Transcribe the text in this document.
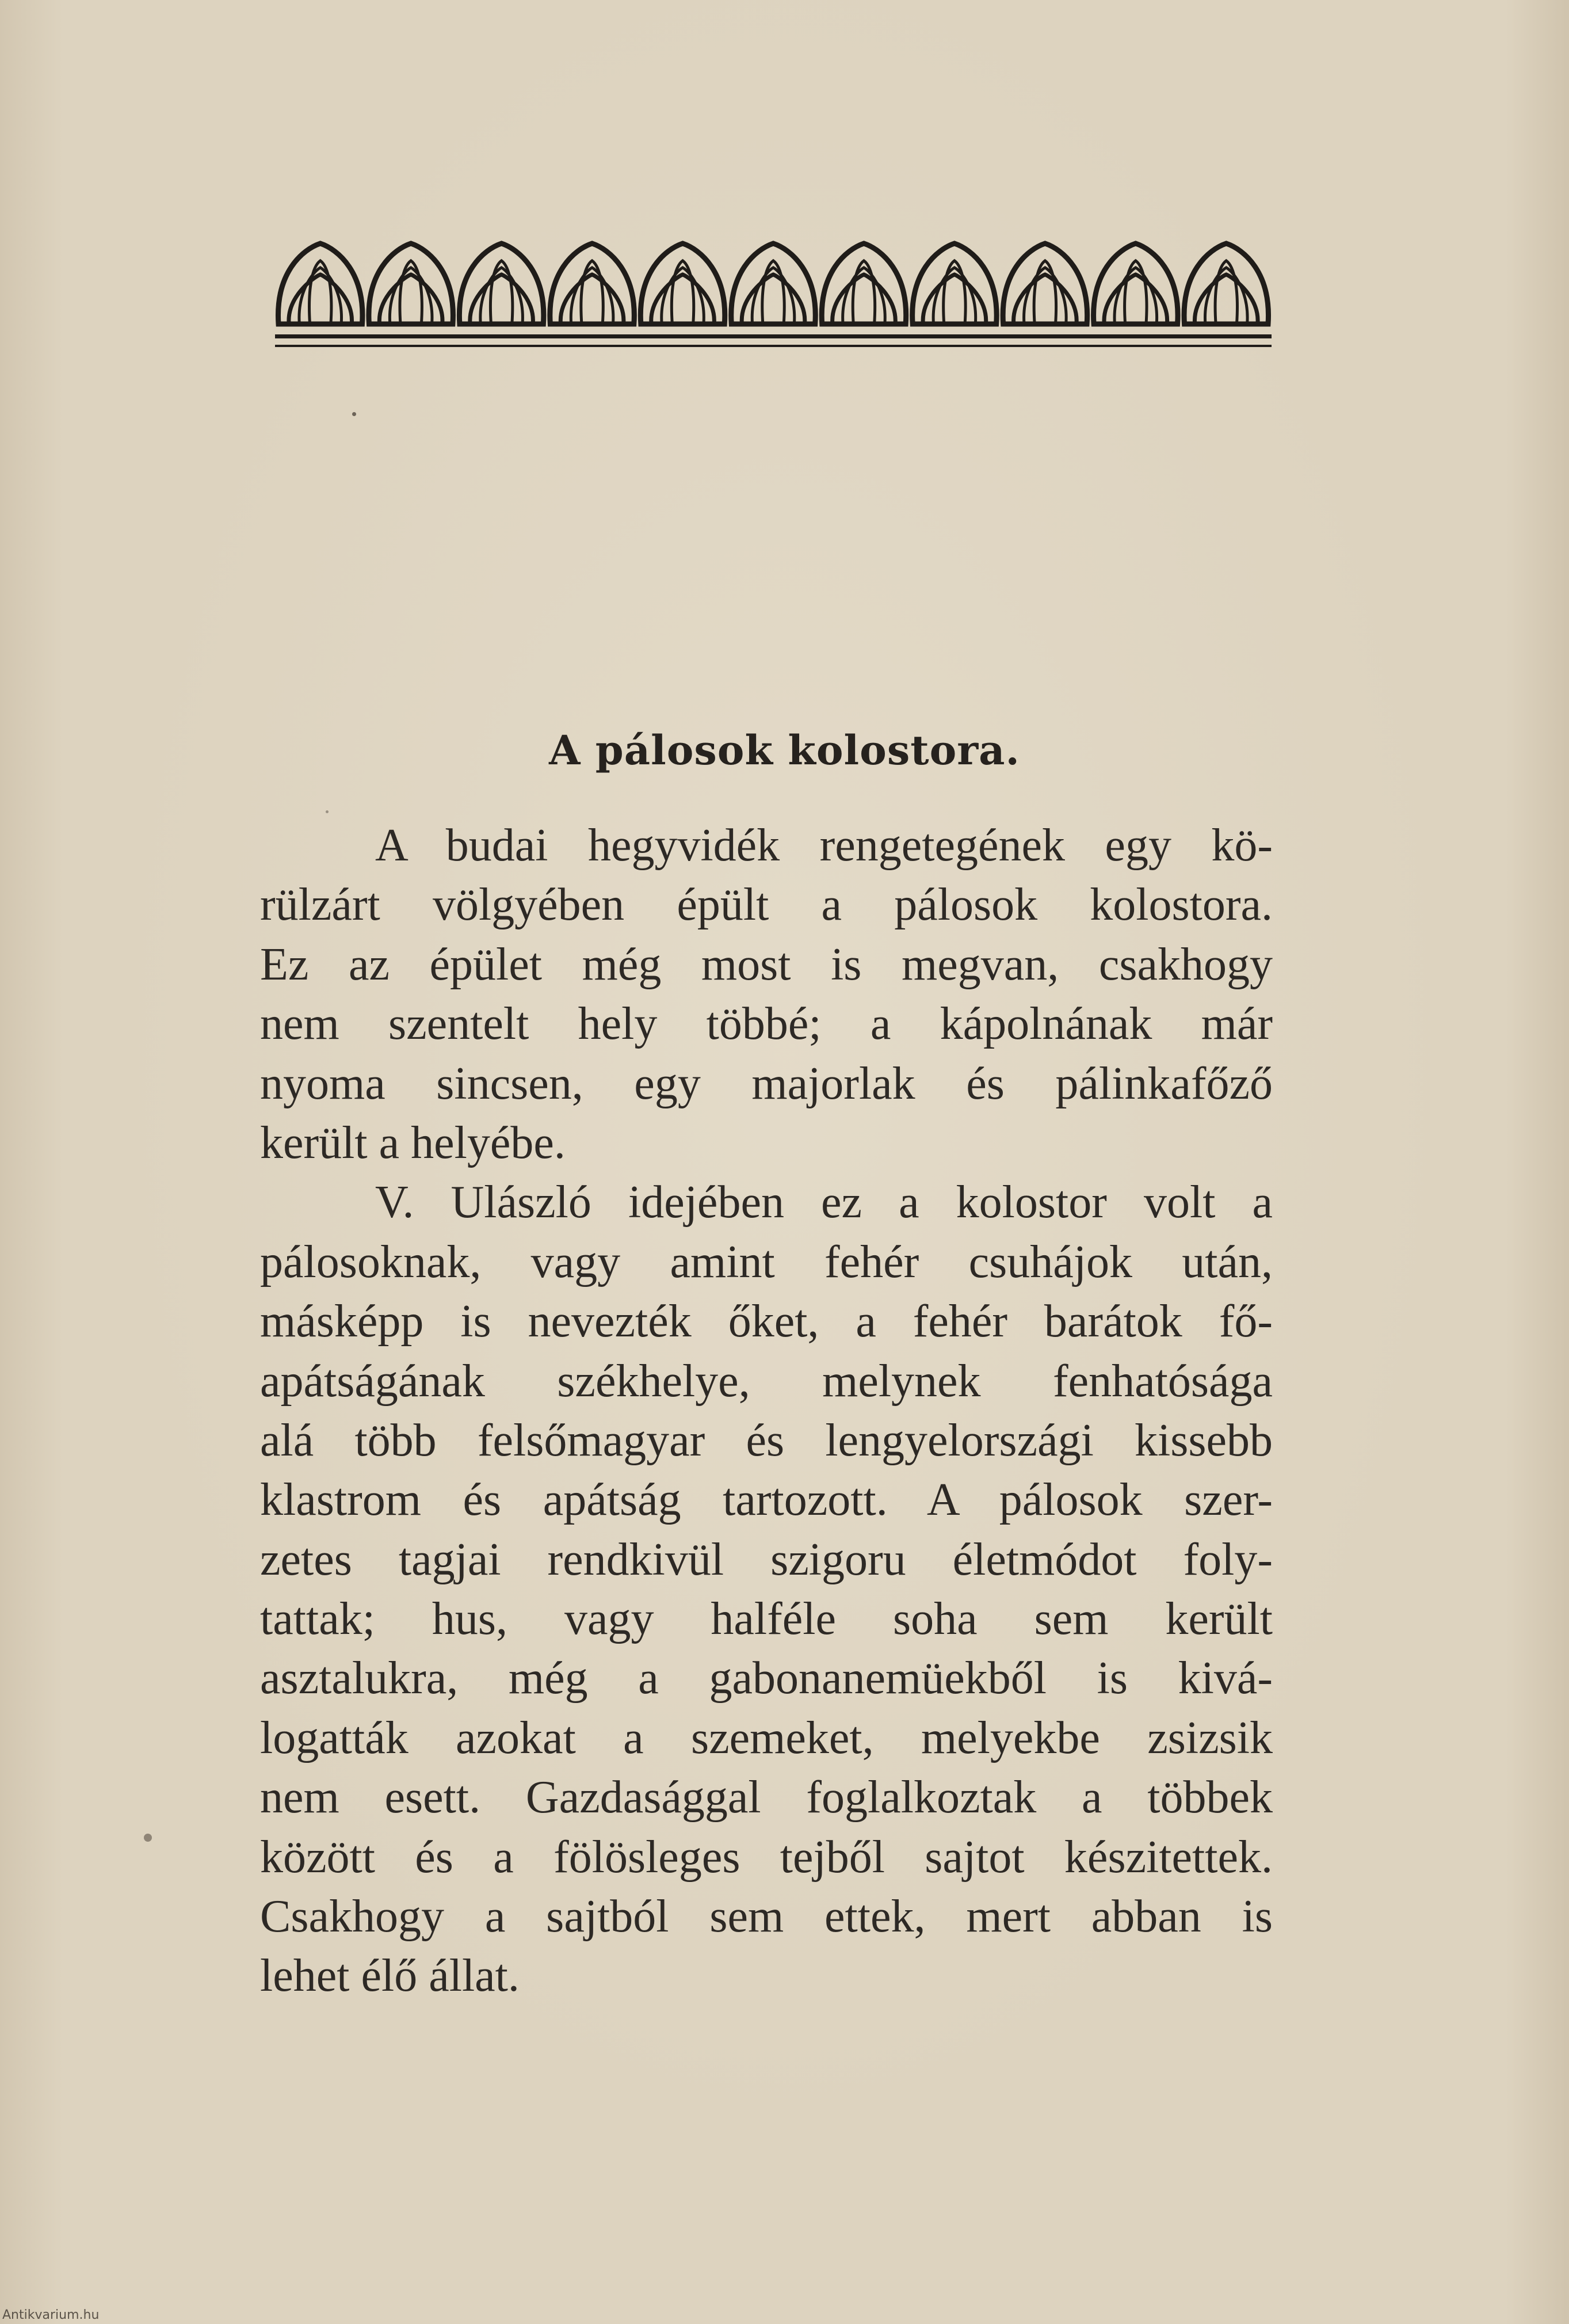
A pálosok kolostora.
A budai hegyvidék rengetegének egy kö-
rülzárt völgyében épült a pálosok kolostora.
Ez az épület még most is megvan, csakhogy
nem szentelt hely többé; a kápolnának már
nyoma sincsen, egy majorlak és pálinkafőző
került a helyébe.
V. Ulászló idejében ez a kolostor volt a
pálosoknak, vagy amint fehér csuhájok után,
másképp is nevezték őket, a fehér barátok fő-
apátságának székhelye, melynek fenhatósága
alá több felsőmagyar és lengyelországi kissebb
klastrom és apátság tartozott. A pálosok szer-
zetes tagjai rendkivül szigoru életmódot foly-
tattak; hus, vagy halféle soha sem került
asztalukra, még a gabonanemüekből is kivá-
logatták azokat a szemeket, melyekbe zsizsik
nem esett. Gazdasággal foglalkoztak a többek
között és a fölösleges tejből sajtot készitettek.
Csakhogy a sajtból sem ettek, mert abban is
lehet élő állat.
Antikvarium.hu
